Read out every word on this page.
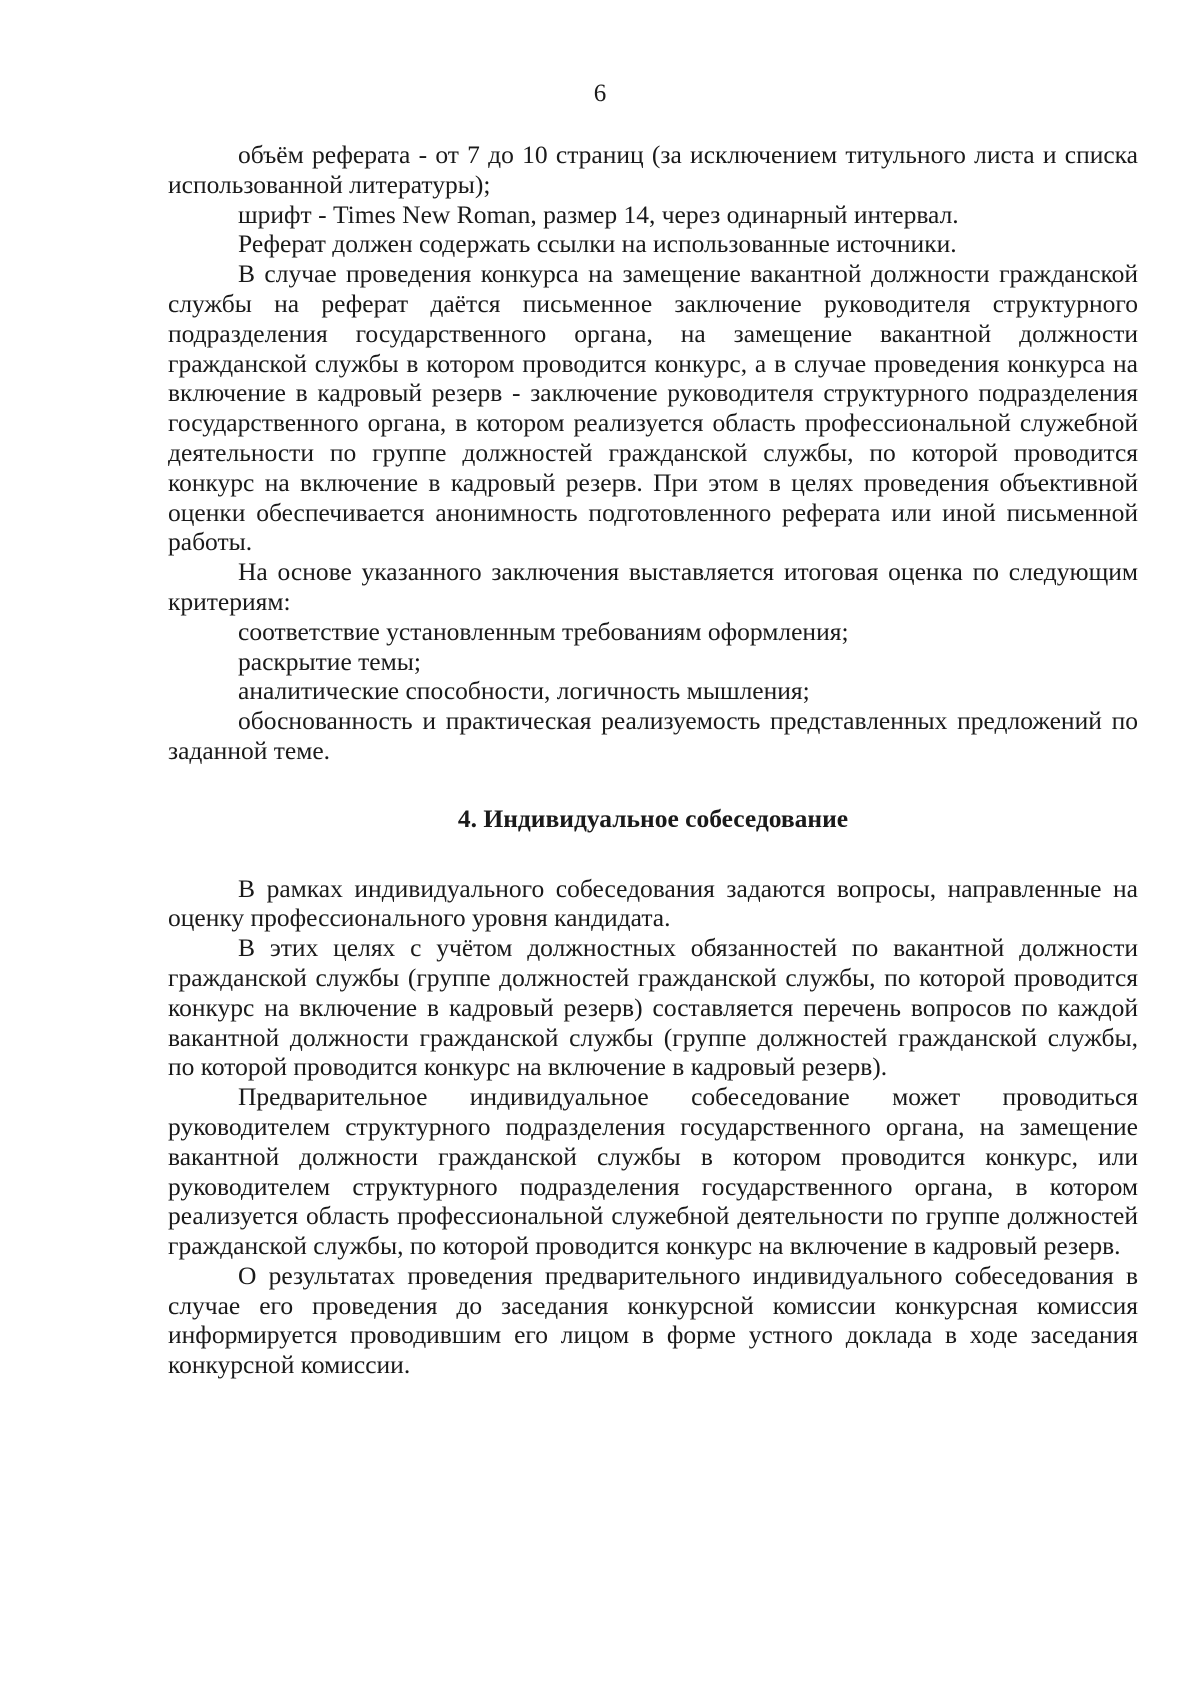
6

объём реферата - от 7 до 10 страниц (за исключением титульного листа и списка использованной литературы);

шрифт - Times New Roman, размер 14, через одинарный интервал.

Реферат должен содержать ссылки на использованные источники.

В случае проведения конкурса на замещение вакантной должности гражданской службы на реферат даётся письменное заключение руководителя структурного подразделения государственного органа, на замещение вакантной должности гражданской службы в котором проводится конкурс, а в случае проведения конкурса на включение в кадровый резерв - заключение руководителя структурного подразделения государственного органа, в котором реализуется область профессиональной служебной деятельности по группе должностей гражданской службы, по которой проводится конкурс на включение в кадровый резерв. При этом в целях проведения объективной оценки обеспечивается анонимность подготовленного реферата или иной письменной работы.

На основе указанного заключения выставляется итоговая оценка по следующим критериям:

соответствие установленным требованиям оформления;

раскрытие темы;

аналитические способности, логичность мышления;

обоснованность и практическая реализуемость представленных предложений по заданной теме.

4. Индивидуальное собеседование

В рамках индивидуального собеседования задаются вопросы, направленные на оценку профессионального уровня кандидата.

В этих целях с учётом должностных обязанностей по вакантной должности гражданской службы (группе должностей гражданской службы, по которой проводится конкурс на включение в кадровый резерв) составляется перечень вопросов по каждой вакантной должности гражданской службы (группе должностей гражданской службы, по которой проводится конкурс на включение в кадровый резерв).

Предварительное индивидуальное собеседование может проводиться руководителем структурного подразделения государственного органа, на замещение вакантной должности гражданской службы в котором проводится конкурс, или руководителем структурного подразделения государственного органа, в котором реализуется область профессиональной служебной деятельности по группе должностей гражданской службы, по которой проводится конкурс на включение в кадровый резерв.

О результатах проведения предварительного индивидуального собеседования в случае его проведения до заседания конкурсной комиссии конкурсная комиссия информируется проводившим его лицом в форме устного доклада в ходе заседания конкурсной комиссии.
